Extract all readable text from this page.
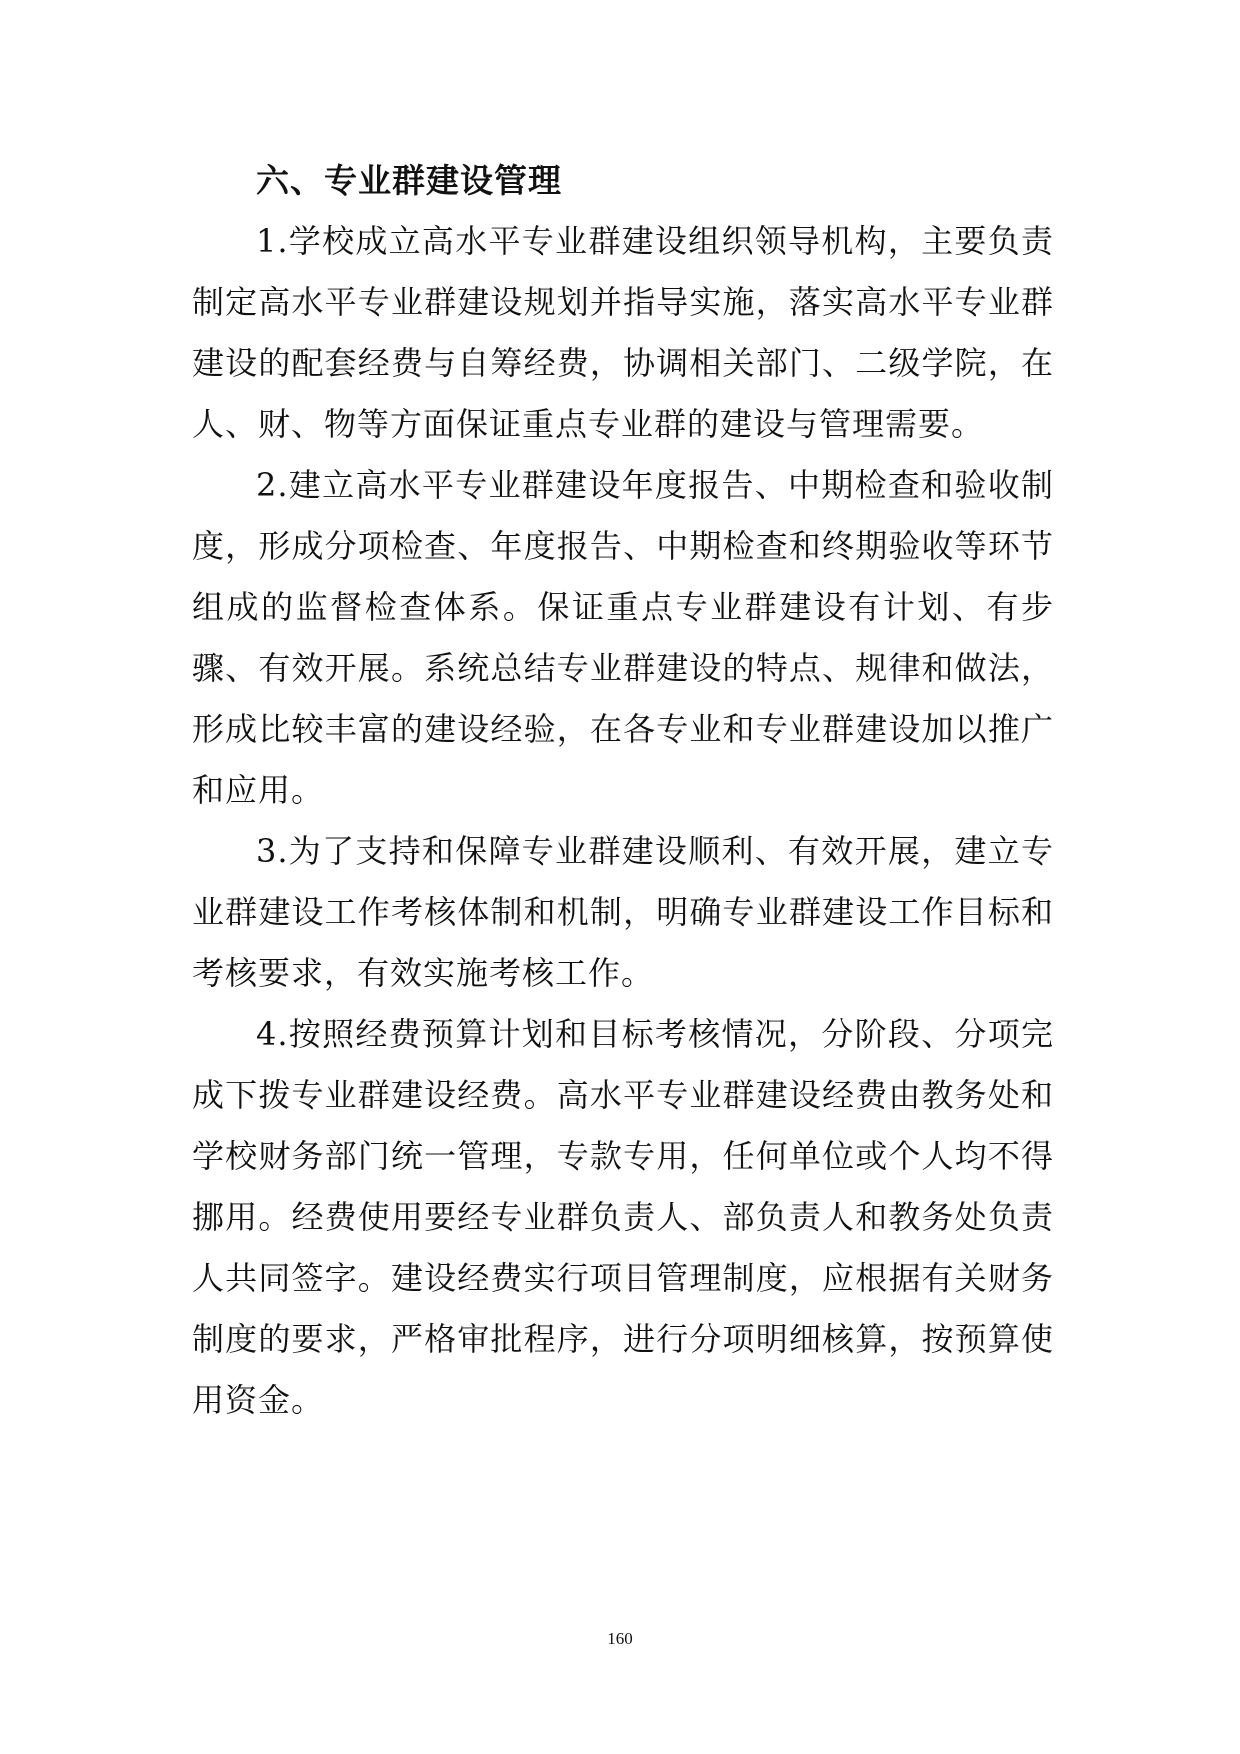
六、专业群建设管理

1.学校成立高水平专业群建设组织领导机构，主要负责制定高水平专业群建设规划并指导实施，落实高水平专业群建设的配套经费与自筹经费，协调相关部门、二级学院，在人、财、物等方面保证重点专业群的建设与管理需要。

2.建立高水平专业群建设年度报告、中期检查和验收制度，形成分项检查、年度报告、中期检查和终期验收等环节组成的监督检查体系。保证重点专业群建设有计划、有步骤、有效开展。系统总结专业群建设的特点、规律和做法，形成比较丰富的建设经验，在各专业和专业群建设加以推广和应用。

3.为了支持和保障专业群建设顺利、有效开展，建立专业群建设工作考核体制和机制，明确专业群建设工作目标和考核要求，有效实施考核工作。

4.按照经费预算计划和目标考核情况，分阶段、分项完成下拨专业群建设经费。高水平专业群建设经费由教务处和学校财务部门统一管理，专款专用，任何单位或个人均不得挪用。经费使用要经专业群负责人、部负责人和教务处负责人共同签字。建设经费实行项目管理制度，应根据有关财务制度的要求，严格审批程序，进行分项明细核算，按预算使用资金。

160
